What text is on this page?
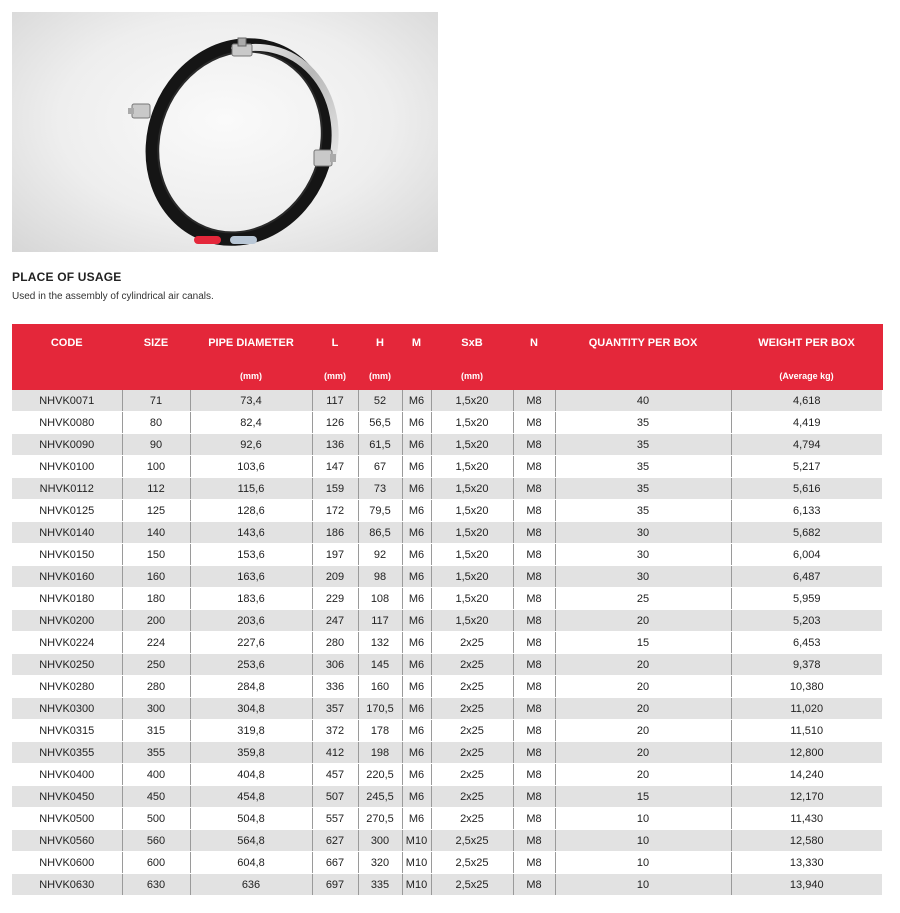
PLACE OF USAGE
Used in the assembly of cylindrical air canals.
CODE	SIZE	PIPE DIAMETER	L	H	M	SxB	N	QUANTITY PER BOX	WEIGHT PER BOX
		(mm)	(mm)	(mm)		(mm)			(Average kg)
NHVK0071	71	73,4	117	52	M6	1,5x20	M8	40	4,618
NHVK0080	80	82,4	126	56,5	M6	1,5x20	M8	35	4,419
NHVK0090	90	92,6	136	61,5	M6	1,5x20	M8	35	4,794
NHVK0100	100	103,6	147	67	M6	1,5x20	M8	35	5,217
NHVK0112	112	115,6	159	73	M6	1,5x20	M8	35	5,616
NHVK0125	125	128,6	172	79,5	M6	1,5x20	M8	35	6,133
NHVK0140	140	143,6	186	86,5	M6	1,5x20	M8	30	5,682
NHVK0150	150	153,6	197	92	M6	1,5x20	M8	30	6,004
NHVK0160	160	163,6	209	98	M6	1,5x20	M8	30	6,487
NHVK0180	180	183,6	229	108	M6	1,5x20	M8	25	5,959
NHVK0200	200	203,6	247	117	M6	1,5x20	M8	20	5,203
NHVK0224	224	227,6	280	132	M6	2x25	M8	15	6,453
NHVK0250	250	253,6	306	145	M6	2x25	M8	20	9,378
NHVK0280	280	284,8	336	160	M6	2x25	M8	20	10,380
NHVK0300	300	304,8	357	170,5	M6	2x25	M8	20	11,020
NHVK0315	315	319,8	372	178	M6	2x25	M8	20	11,510
NHVK0355	355	359,8	412	198	M6	2x25	M8	20	12,800
NHVK0400	400	404,8	457	220,5	M6	2x25	M8	20	14,240
NHVK0450	450	454,8	507	245,5	M6	2x25	M8	15	12,170
NHVK0500	500	504,8	557	270,5	M6	2x25	M8	10	11,430
NHVK0560	560	564,8	627	300	M10	2,5x25	M8	10	12,580
NHVK0600	600	604,8	667	320	M10	2,5x25	M8	10	13,330
NHVK0630	630	636	697	335	M10	2,5x25	M8	10	13,940
